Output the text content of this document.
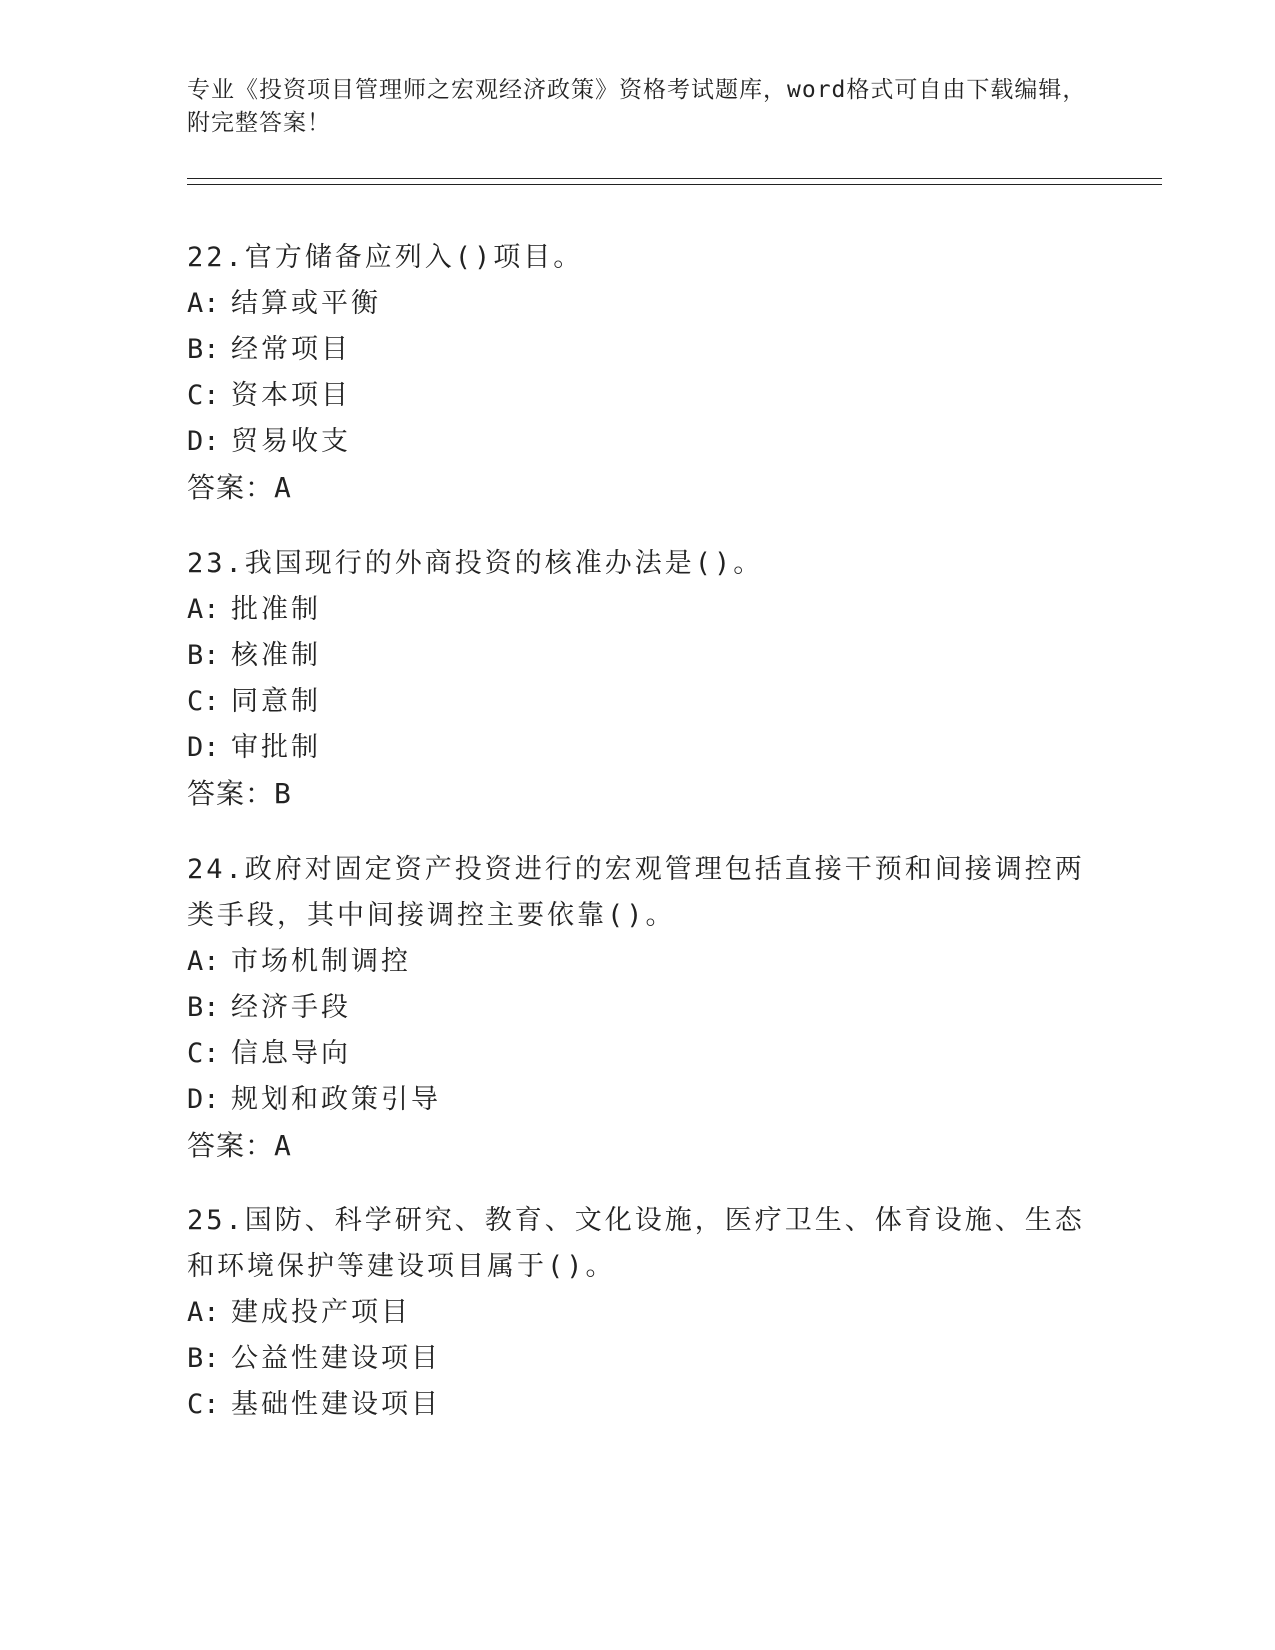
专业《投资项目管理师之宏观经济政策》资格考试题库，word格式可自由下载编辑，附完整答案！
22.官方储备应列入()项目。
A: 结算或平衡
B: 经常项目
C: 资本项目
D: 贸易收支
答案：A
23.我国现行的外商投资的核准办法是()。
A: 批准制
B: 核准制
C: 同意制
D: 审批制
答案：B
24.政府对固定资产投资进行的宏观管理包括直接干预和间接调控两类手段，其中间接调控主要依靠()。
A: 市场机制调控
B: 经济手段
C: 信息导向
D: 规划和政策引导
答案：A
25.国防、科学研究、教育、文化设施，医疗卫生、体育设施、生态和环境保护等建设项目属于()。
A: 建成投产项目
B: 公益性建设项目
C: 基础性建设项目
